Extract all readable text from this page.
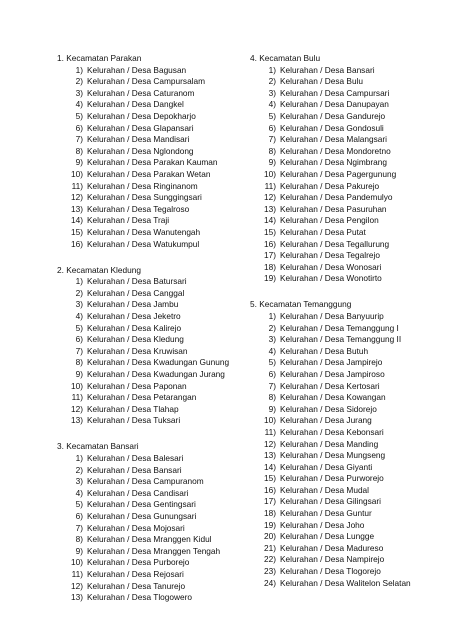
1. Kecamatan Parakan
1) Kelurahan / Desa Bagusan
2) Kelurahan / Desa Campursalam
3) Kelurahan / Desa Caturanom
4) Kelurahan / Desa Dangkel
5) Kelurahan / Desa Depokharjo
6) Kelurahan / Desa Glapansari
7) Kelurahan / Desa Mandisari
8) Kelurahan / Desa Nglondong
9) Kelurahan / Desa Parakan Kauman
10) Kelurahan / Desa Parakan Wetan
11) Kelurahan / Desa Ringinanom
12) Kelurahan / Desa Sunggingsari
13) Kelurahan / Desa Tegalroso
14) Kelurahan / Desa Traji
15) Kelurahan / Desa Wanutengah
16) Kelurahan / Desa Watukumpul
2. Kecamatan Kledung
1) Kelurahan / Desa Batursari
2) Kelurahan / Desa Canggal
3) Kelurahan / Desa Jambu
4) Kelurahan / Desa Jeketro
5) Kelurahan / Desa Kalirejo
6) Kelurahan / Desa Kledung
7) Kelurahan / Desa Kruwisan
8) Kelurahan / Desa Kwadungan Gunung
9) Kelurahan / Desa Kwadungan Jurang
10) Kelurahan / Desa Paponan
11) Kelurahan / Desa Petarangan
12) Kelurahan / Desa Tlahap
13) Kelurahan / Desa Tuksari
3. Kecamatan Bansari
1) Kelurahan / Desa Balesari
2) Kelurahan / Desa Bansari
3) Kelurahan / Desa Campuranom
4) Kelurahan / Desa Candisari
5) Kelurahan / Desa Gentingsari
6) Kelurahan / Desa Gunungsari
7) Kelurahan / Desa Mojosari
8) Kelurahan / Desa Mranggen Kidul
9) Kelurahan / Desa Mranggen Tengah
10) Kelurahan / Desa Purborejo
11) Kelurahan / Desa Rejosari
12) Kelurahan / Desa Tanurejo
13) Kelurahan / Desa Tlogowero
4. Kecamatan Bulu
1) Kelurahan / Desa Bansari
2) Kelurahan / Desa Bulu
3) Kelurahan / Desa Campursari
4) Kelurahan / Desa Danupayan
5) Kelurahan / Desa Gandurejo
6) Kelurahan / Desa Gondosuli
7) Kelurahan / Desa Malangsari
8) Kelurahan / Desa Mondoretno
9) Kelurahan / Desa Ngimbrang
10) Kelurahan / Desa Pagergunung
11) Kelurahan / Desa Pakurejo
12) Kelurahan / Desa Pandemulyo
13) Kelurahan / Desa Pasuruhan
14) Kelurahan / Desa Pengilon
15) Kelurahan / Desa Putat
16) Kelurahan / Desa Tegallurung
17) Kelurahan / Desa Tegalrejo
18) Kelurahan / Desa Wonosari
19) Kelurahan / Desa Wonotirto
5. Kecamatan Temanggung
1) Kelurahan / Desa Banyuurip
2) Kelurahan / Desa Temanggung I
3) Kelurahan / Desa Temanggung II
4) Kelurahan / Desa Butuh
5) Kelurahan / Desa Jampirejo
6) Kelurahan / Desa Jampiroso
7) Kelurahan / Desa Kertosari
8) Kelurahan / Desa Kowangan
9) Kelurahan / Desa Sidorejo
10) Kelurahan / Desa Jurang
11) Kelurahan / Desa Kebonsari
12) Kelurahan / Desa Manding
13) Kelurahan / Desa Mungseng
14) Kelurahan / Desa Giyanti
15) Kelurahan / Desa Purworejo
16) Kelurahan / Desa Mudal
17) Kelurahan / Desa Gilingsari
18) Kelurahan / Desa Guntur
19) Kelurahan / Desa Joho
20) Kelurahan / Desa Lungge
21) Kelurahan / Desa Madureso
22) Kelurahan / Desa Nampirejo
23) Kelurahan / Desa Tlogorejo
24) Kelurahan / Desa Walitelon Selatan
